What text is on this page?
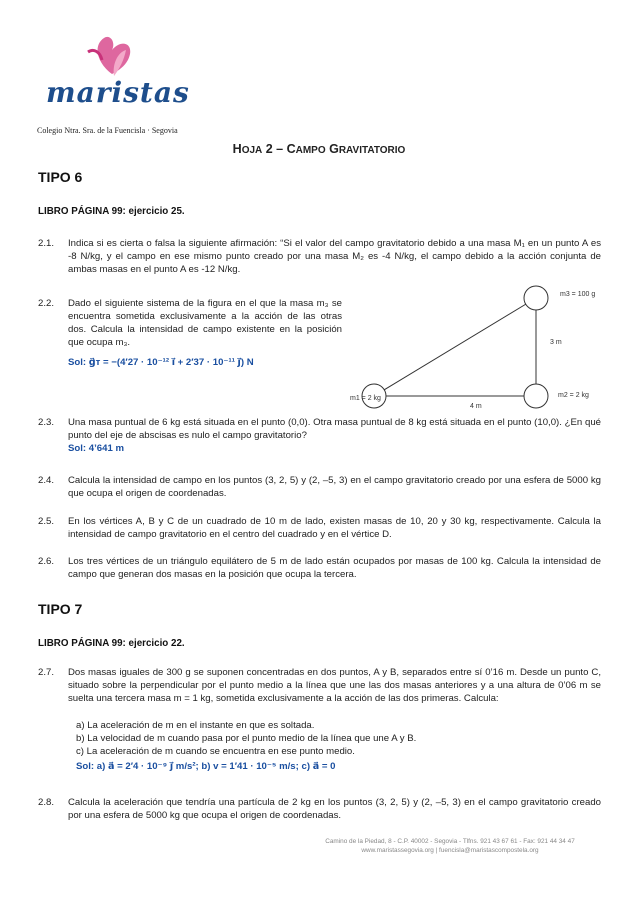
maristas
Colegio Ntra. Sra. de la Fuencisla · Segovia
HOJA 2 – CAMPO GRAVITATORIO
TIPO 6
LIBRO PÁGINA 99: ejercicio 25.
2.1. Indica si es cierta o falsa la siguiente afirmación: “Si el valor del campo gravitatorio debido a una masa M₁ en un punto A es -8 N/kg, y el campo en ese mismo punto creado por una masa M₂ es -4 N/kg, el campo debido a la acción conjunta de ambas masas en el punto A es -12 N/kg.
2.2. Dado el siguiente sistema de la figura en el que la masa m₃ se encuentra sometida exclusivamente a la acción de las otras dos. Calcula la intensidad de campo existente en la posición que ocupa m₃.
Sol: g⃗ᴛ = −(4′27 · 10⁻¹² i⃗ + 2′37 · 10⁻¹¹ j⃗) N
m3 = 100 g
m1 = 2 kg	m2 = 2 kg
3 m
4 m
2.3. Una masa puntual de 6 kg está situada en el punto (0,0). Otra masa puntual de 8 kg está situada en el punto (10,0). ¿En qué punto del eje de abscisas es nulo el campo gravitatorio?
Sol: 4’641 m
2.4. Calcula la intensidad de campo en los puntos (3, 2, 5) y (2, –5, 3) en el campo gravitatorio creado por una esfera de 5000 kg que ocupa el origen de coordenadas.
2.5. En los vértices A, B y C de un cuadrado de 10 m de lado, existen masas de 10, 20 y 30 kg, respectivamente. Calcula la intensidad de campo gravitatorio en el centro del cuadrado y en el vértice D.
2.6. Los tres vértices de un triángulo equilátero de 5 m de lado están ocupados por masas de 100 kg. Calcula la intensidad de campo que generan dos masas en la posición que ocupa la tercera.
TIPO 7
LIBRO PÁGINA 99: ejercicio 22.
2.7. Dos masas iguales de 300 g se suponen concentradas en dos puntos, A y B, separados entre sí 0’16 m. Desde un punto C, situado sobre la perpendicular por el punto medio a la línea que une las dos masas anteriores y a una altura de 0’06 m se suelta una tercera masa m = 1 kg, sometida exclusivamente a la acción de las dos primeras. Calcula:
a) La aceleración de m en el instante en que es soltada.
b) La velocidad de m cuando pasa por el punto medio de la línea que une A y B.
c) La aceleración de m cuando se encuentra en ese punto medio.
Sol: a) a⃗ = 2′4 · 10⁻⁹ j⃗ m/s²; b) v = 1′41 · 10⁻⁵ m/s; c) a⃗ = 0
2.8. Calcula la aceleración que tendría una partícula de 2 kg en los puntos (3, 2, 5) y (2, –5, 3) en el campo gravitatorio creado por una esfera de 5000 kg que ocupa el origen de coordenadas.
Camino de la Piedad, 8 - C.P. 40002 - Segovia - Tlfns. 921 43 67 61 - Fax: 921 44 34 47
www.maristassegovia.org | fuencisla@maristascompostela.org
